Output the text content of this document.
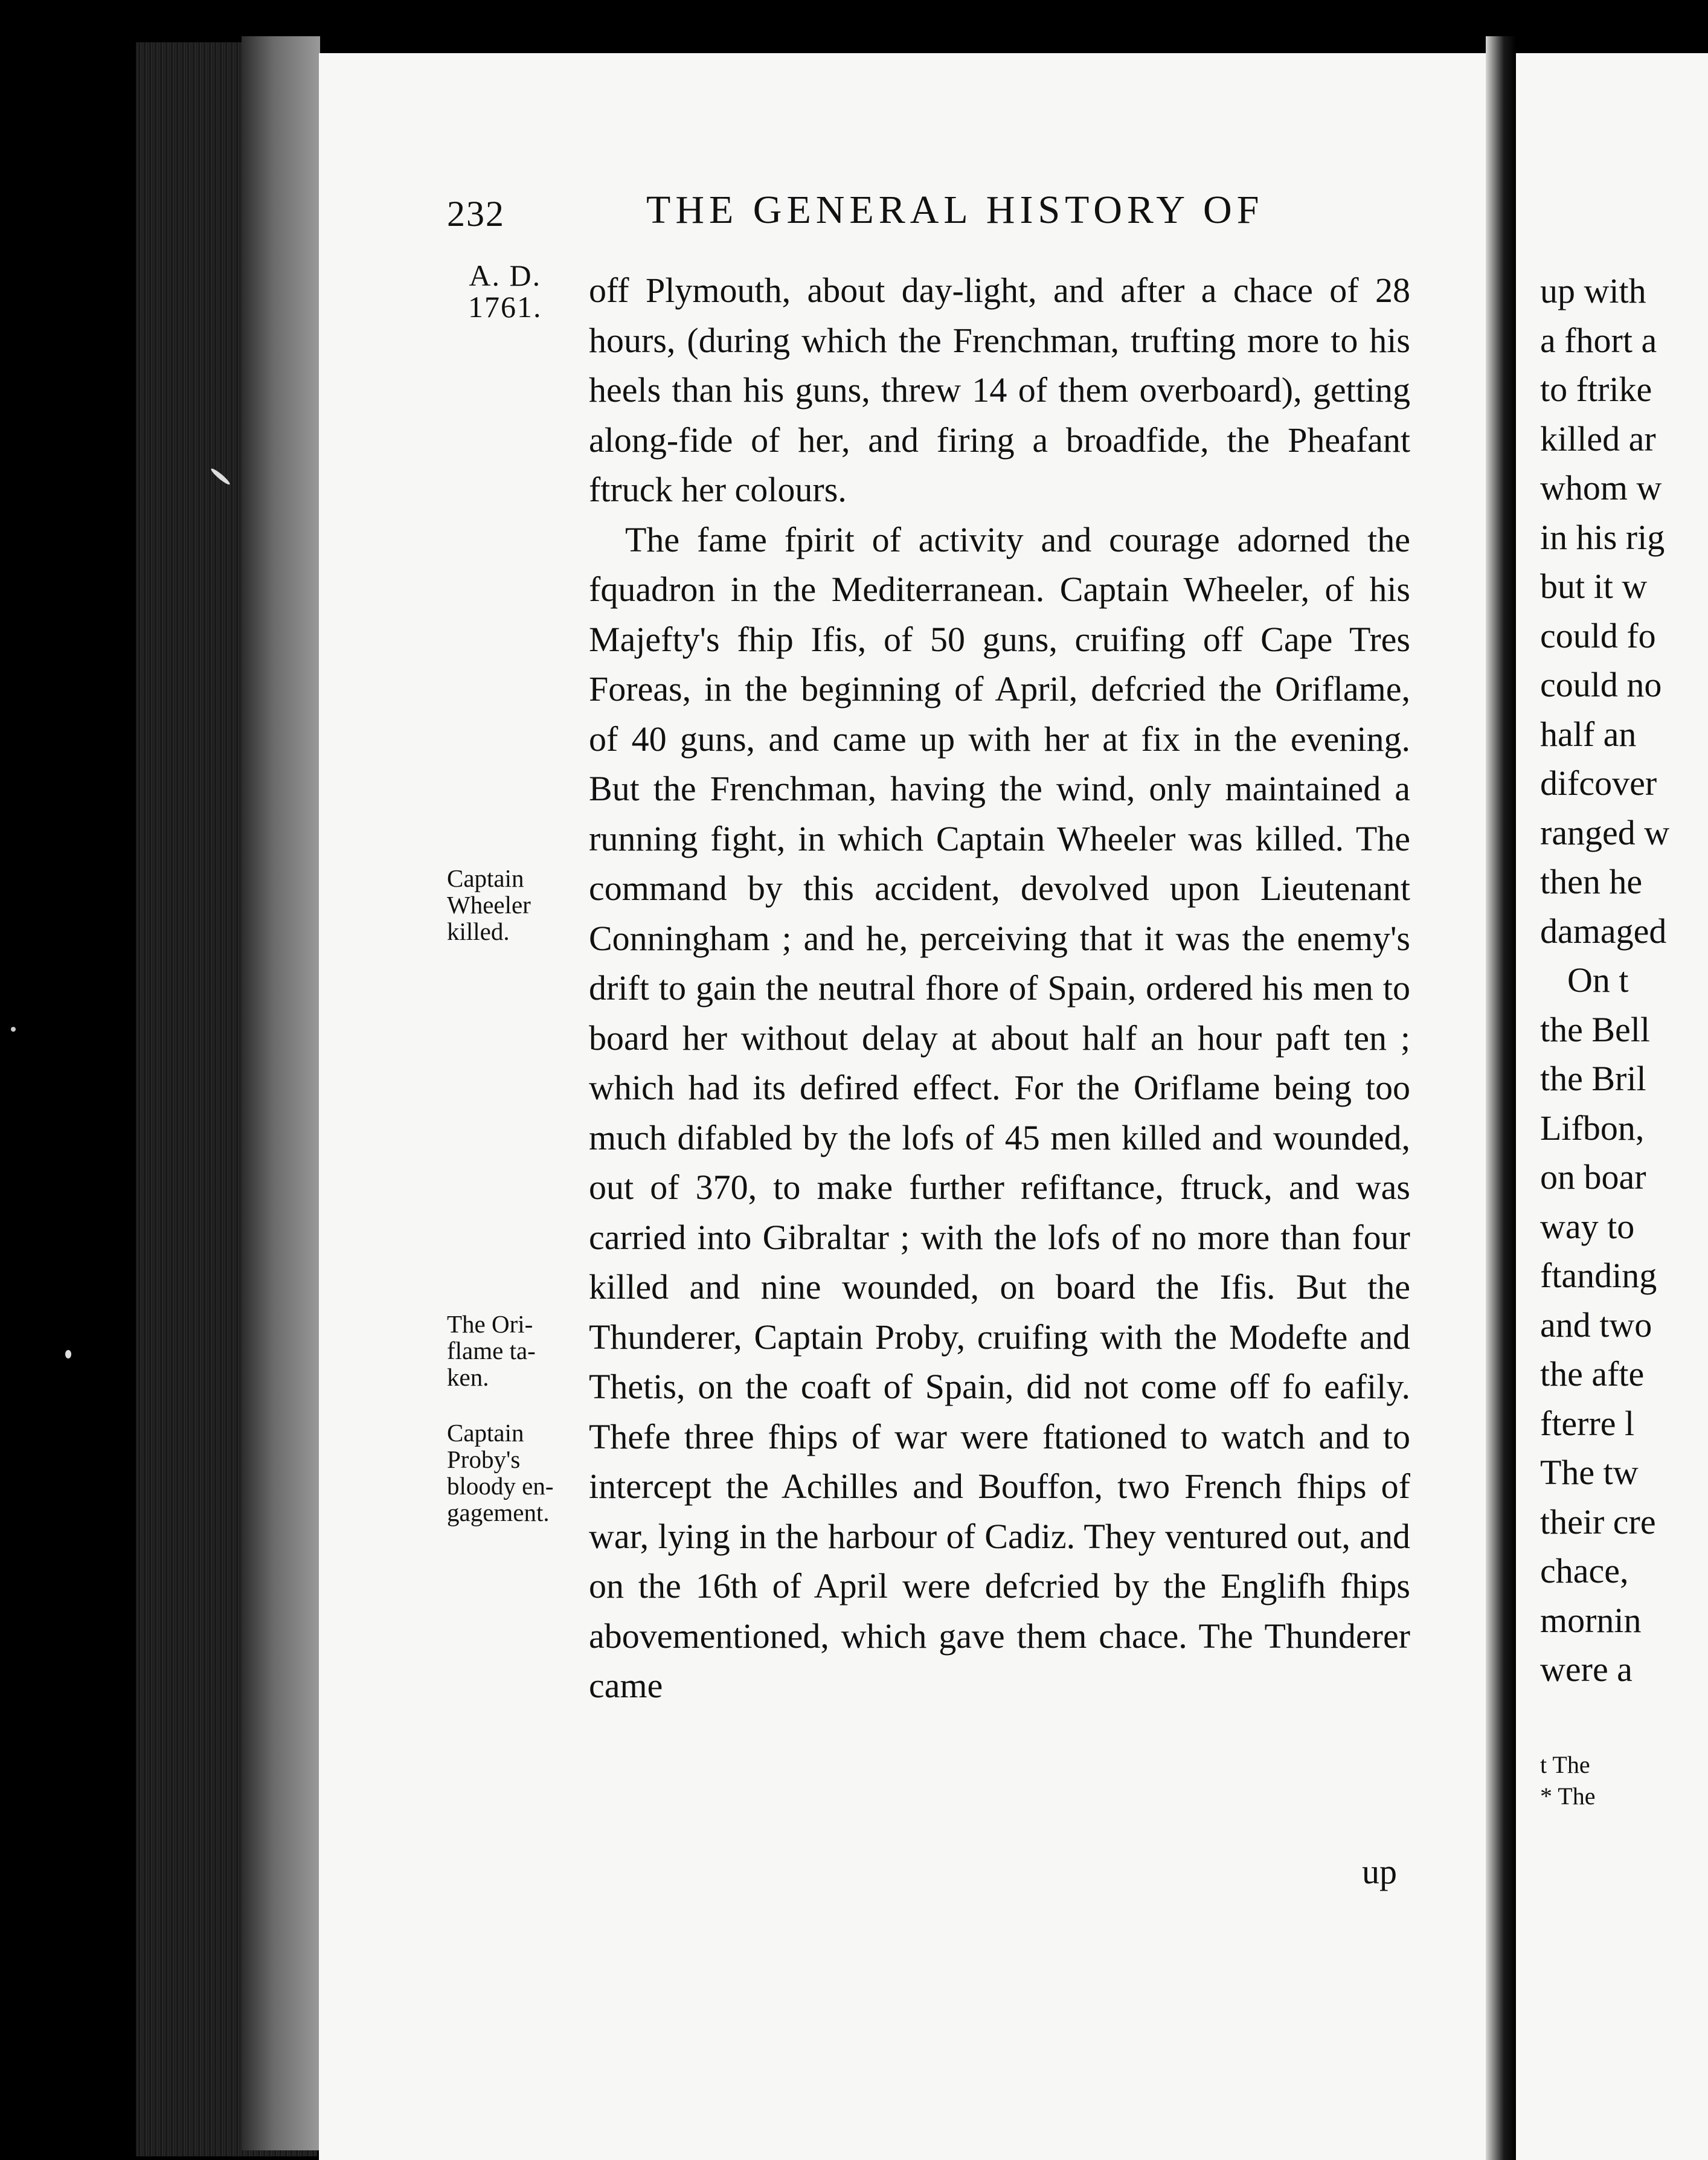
up with
a fhort a
to ftrike
killed ar
whom w
in his rig
but it w
could fo
could no
half an
difcover
ranged w
then he
damaged
On t
the Bell
the Bril
Lifbon,
on boar
way to
ftanding
and two
the afte
fterre l
The tw
their cre
chace,
mornin
were a
t The
* The
232	THE GENERAL HISTORY OF
A. D.
1761.
Captain
Wheeler
killed.
The Ori-
flame ta-
ken.
Captain
Proby's
bloody en-
gagement.

off Plymouth, about day-light, and after a chace of 28 hours, (during which the Frenchman, trufting more to his heels than his guns, threw 14 of them overboard), getting along-fide of her, and firing a broadfide, the Pheafant ftruck her colours.

The fame fpirit of activity and courage adorned the fquadron in the Mediterranean. Captain Wheeler, of his Majefty's fhip Ifis, of 50 guns, cruifing off Cape Tres Foreas, in the beginning of April, defcried the Oriflame, of 40 guns, and came up with her at fix in the evening. But the Frenchman, having the wind, only maintained a running fight, in which Captain Wheeler was killed. The command by this accident, devolved upon Lieutenant Conningham ; and he, perceiving that it was the enemy's drift to gain the neutral fhore of Spain, ordered his men to board her without delay at about half an hour paft ten ; which had its defired effect. For the Oriflame being too much difabled by the lofs of 45 men killed and wounded, out of 370, to make further refiftance, ftruck, and was carried into Gibraltar ; with the lofs of no more than four killed and nine wounded, on board the Ifis. But the Thunderer, Captain Proby, cruifing with the Modefte and Thetis, on the coaft of Spain, did not come off fo eafily. Thefe three fhips of war were ftationed to watch and to intercept the Achilles and Bouffon, two French fhips of war, lying in the harbour of Cadiz. They ventured out, and on the 16th of April were defcried by the Englifh fhips abovementioned, which gave them chace. The Thunderer came

up
